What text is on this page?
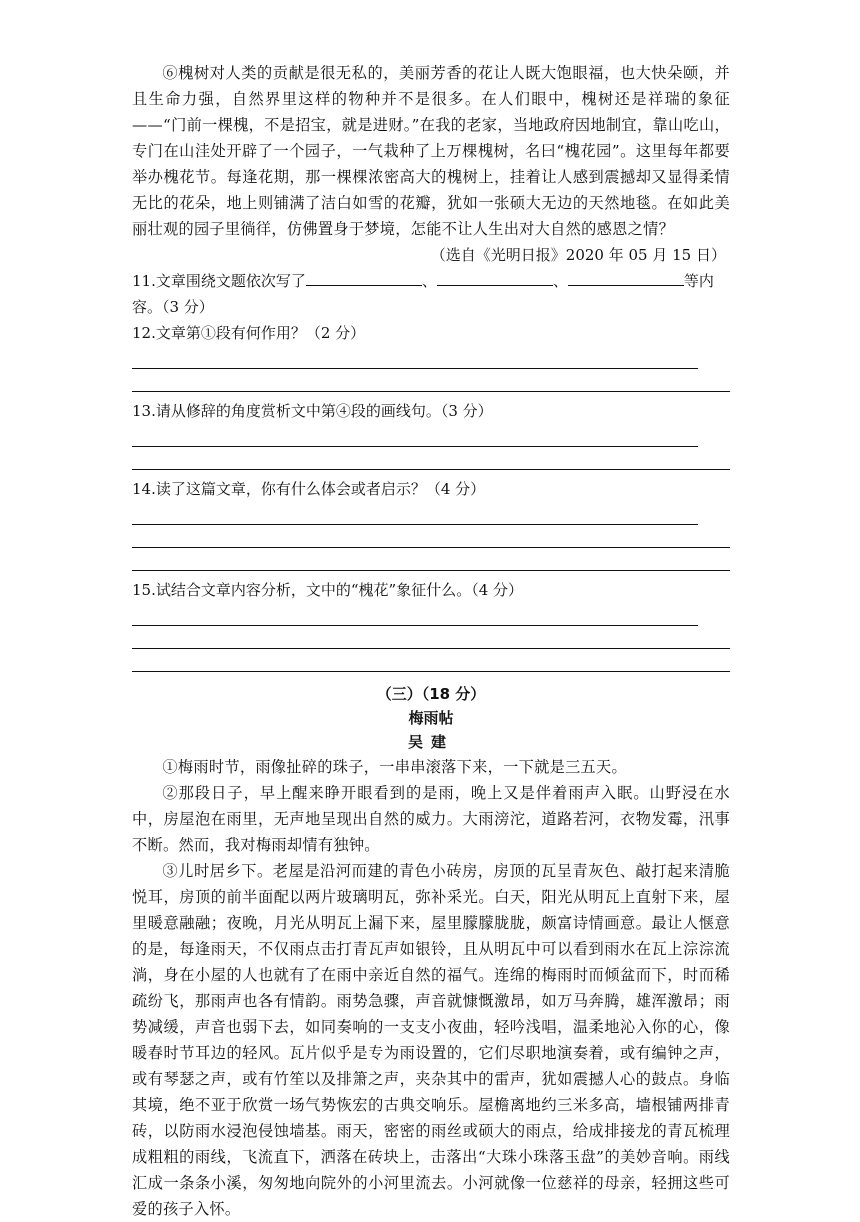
⑥槐树对人类的贡献是很无私的，美丽芳香的花让人既大饱眼福，也大快朵颐，并且生命力强，自然界里这样的物种并不是很多。在人们眼中，槐树还是祥瑞的象征——“门前一棵槐，不是招宝，就是进财。”在我的老家，当地政府因地制宜，靠山吃山，专门在山洼处开辟了一个园子，一气栽种了上万棵槐树，名曰“槐花园”。这里每年都要举办槐花节。每逢花期，那一棵棵浓密高大的槐树上，挂着让人感到震撼却又显得柔情无比的花朵，地上则铺满了洁白如雪的花瓣，犹如一张硕大无边的天然地毯。在如此美丽壮观的园子里徜徉，仿佛置身于梦境，怎能不让人生出对大自然的感恩之情？

（选自《光明日报》2020 年 05 月 15 日）

11.文章围绕文题依次写了	、	、	等内

容。（3 分）

12.文章第①段有何作用？（2 分）

13.请从修辞的角度赏析文中第④段的画线句。（3 分）

14.读了这篇文章，你有什么体会或者启示？（4 分）

15.试结合文章内容分析，文中的“槐花”象征什么。（4 分）

（三）（18 分）

梅雨帖

吴建

①梅雨时节，雨像扯碎的珠子，一串串滚落下来，一下就是三五天。

②那段日子，早上醒来睁开眼看到的是雨，晚上又是伴着雨声入眠。山野浸在水中，房屋泡在雨里，无声地呈现出自然的威力。大雨滂沱，道路若河，衣物发霉，汛事不断。然而，我对梅雨却情有独钟。

③儿时居乡下。老屋是沿河而建的青色小砖房，房顶的瓦呈青灰色、敲打起来清脆悦耳，房顶的前半面配以两片玻璃明瓦，弥补采光。白天，阳光从明瓦上直射下来，屋里暖意融融；夜晚，月光从明瓦上漏下来，屋里朦朦胧胧，颇富诗情画意。最让人惬意的是，每逢雨天，不仅雨点击打青瓦声如银铃，且从明瓦中可以看到雨水在瓦上淙淙流淌，身在小屋的人也就有了在雨中亲近自然的福气。连绵的梅雨时而倾盆而下，时而稀疏纷飞，那雨声也各有情韵。雨势急骤，声音就慷慨激昂，如万马奔腾，雄浑激昂；雨势减缓，声音也弱下去，如同奏响的一支支小夜曲，轻吟浅唱，温柔地沁入你的心，像暖春时节耳边的轻风。瓦片似乎是专为雨设置的，它们尽职地演奏着，或有编钟之声，或有琴瑟之声，或有竹笙以及排箫之声，夹杂其中的雷声，犹如震撼人心的鼓点。身临其境，绝不亚于欣赏一场气势恢宏的古典交响乐。屋檐离地约三米多高，墙根铺两排青砖，以防雨水浸泡侵蚀墙基。雨天，密密的雨丝或硕大的雨点，给成排接龙的青瓦梳理成粗粗的雨线，飞流直下，洒落在砖块上，击落出“大珠小珠落玉盘”的美妙音响。雨线汇成一条条小溪，匆匆地向院外的小河里流去。小河就像一位慈祥的母亲，轻拥这些可爱的孩子入怀。
